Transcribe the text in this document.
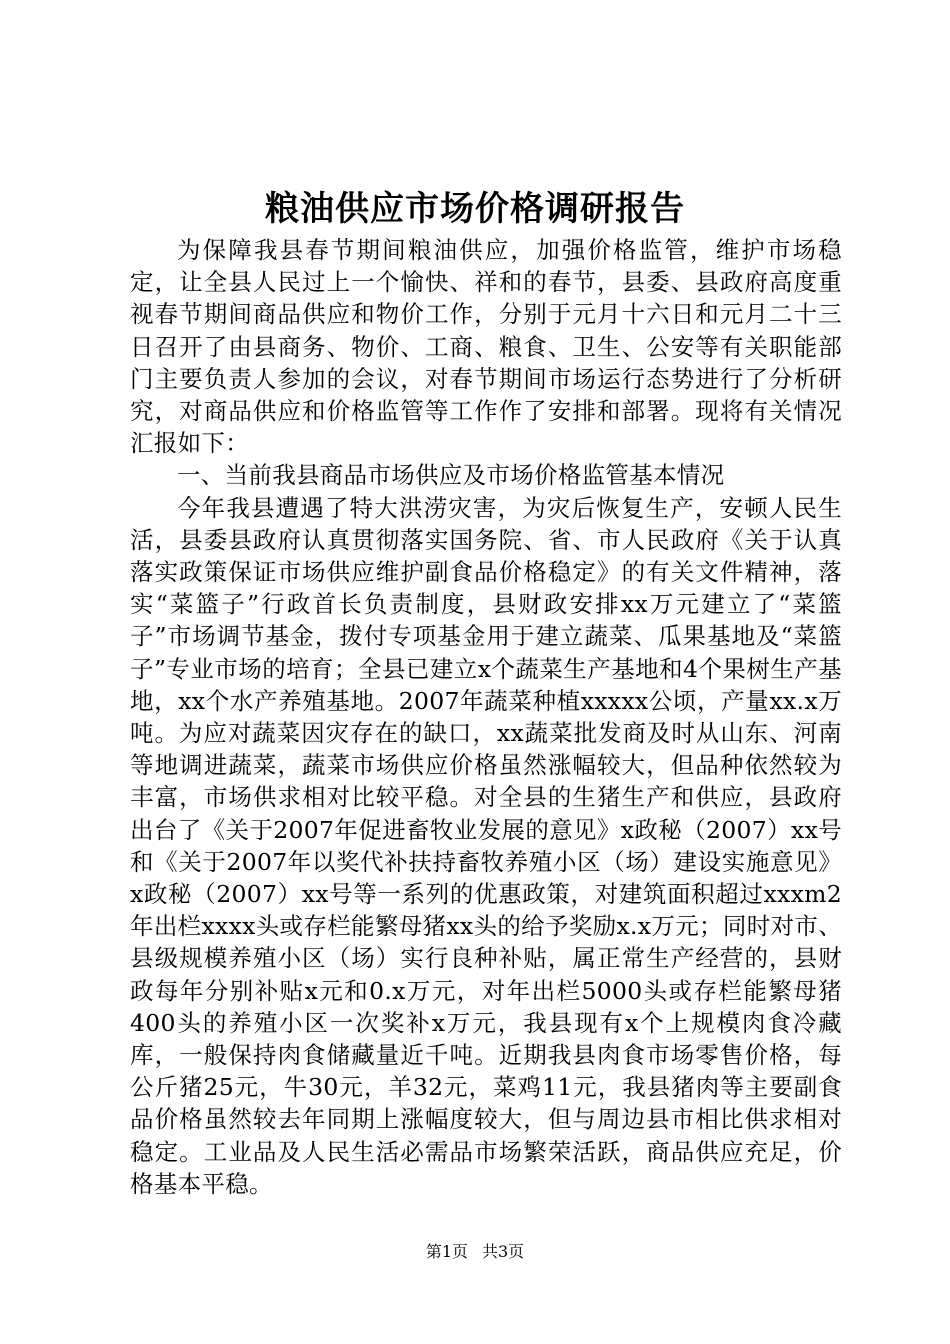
粮油供应市场价格调研报告

为保障我县春节期间粮油供应，加强价格监管，维护市场稳定，让全县人民过上一个愉快、祥和的春节，县委、县政府高度重视春节期间商品供应和物价工作，分别于元月十六日和元月二十三日召开了由县商务、物价、工商、粮食、卫生、公安等有关职能部门主要负责人参加的会议，对春节期间市场运行态势进行了分析研究，对商品供应和价格监管等工作作了安排和部署。现将有关情况汇报如下：

一、当前我县商品市场供应及市场价格监管基本情况

今年我县遭遇了特大洪涝灾害，为灾后恢复生产，安顿人民生活，县委县政府认真贯彻落实国务院、省、市人民政府《关于认真落实政策保证市场供应维护副食品价格稳定》的有关文件精神，落实“菜篮子”行政首长负责制度，县财政安排xx万元建立了“菜篮子”市场调节基金，拨付专项基金用于建立蔬菜、瓜果基地及“菜篮子”专业市场的培育；全县已建立x个蔬菜生产基地和4个果树生产基地，xx个水产养殖基地。2007年蔬菜种植xxxxx公顷，产量xx.x万吨。为应对蔬菜因灾存在的缺口，xx蔬菜批发商及时从山东、河南等地调进蔬菜，蔬菜市场供应价格虽然涨幅较大，但品种依然较为丰富，市场供求相对比较平稳。对全县的生猪生产和供应，县政府出台了《关于2007年促进畜牧业发展的意见》x政秘（2007）xx号和《关于2007年以奖代补扶持畜牧养殖小区（场）建设实施意见》x政秘（2007）xx号等一系列的优惠政策，对建筑面积超过xxxm2年出栏xxxx头或存栏能繁母猪xx头的给予奖励x.x万元；同时对市、县级规模养殖小区（场）实行良种补贴，属正常生产经营的，县财政每年分别补贴x元和0.x万元，对年出栏5000头或存栏能繁母猪400头的养殖小区一次奖补x万元，我县现有x个上规模肉食冷藏库，一般保持肉食储藏量近千吨。近期我县肉食市场零售价格，每公斤猪25元，牛30元，羊32元，菜鸡11元，我县猪肉等主要副食品价格虽然较去年同期上涨幅度较大，但与周边县市相比供求相对稳定。工业品及人民生活必需品市场繁荣活跃，商品供应充足，价格基本平稳。

第1页 共3页
